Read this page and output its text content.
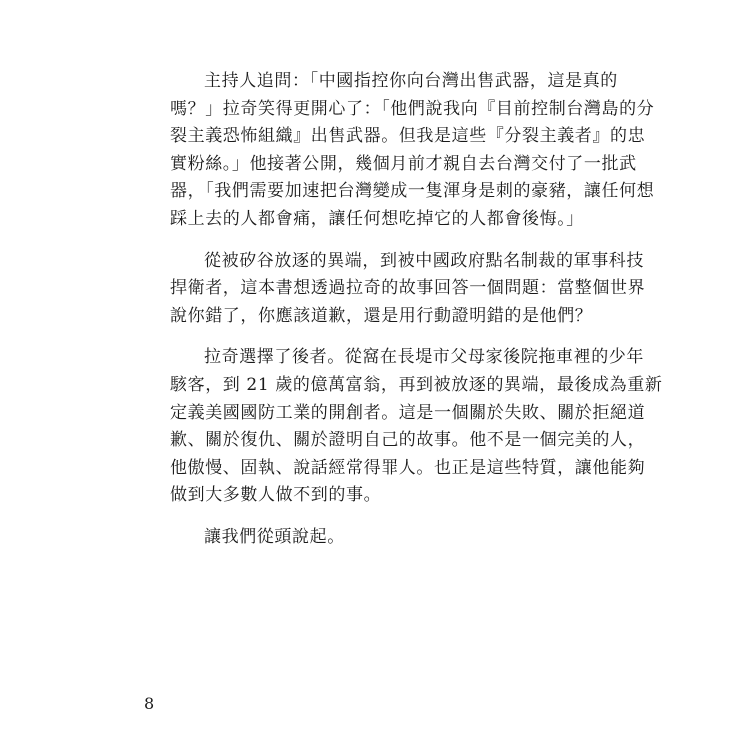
主持人追問：「中國指控你向台灣出售武器，這是真的
嗎？」拉奇笑得更開心了：「他們說我向『目前控制台灣島的分
裂主義恐怖組織』出售武器。但我是這些『分裂主義者』的忠
實粉絲。」他接著公開，幾個月前才親自去台灣交付了一批武
器，「我們需要加速把台灣變成一隻渾身是刺的豪豬，讓任何想
踩上去的人都會痛，讓任何想吃掉它的人都會後悔。」

從被矽谷放逐的異端，到被中國政府點名制裁的軍事科技
捍衛者，這本書想透過拉奇的故事回答一個問題：當整個世界
說你錯了，你應該道歉，還是用行動證明錯的是他們？

拉奇選擇了後者。從窩在長堤市父母家後院拖車裡的少年
駭客，到 21 歲的億萬富翁，再到被放逐的異端，最後成為重新
定義美國國防工業的開創者。這是一個關於失敗、關於拒絕道
歉、關於復仇、關於證明自己的故事。他不是一個完美的人，
他傲慢、固執、說話經常得罪人。也正是這些特質，讓他能夠
做到大多數人做不到的事。

讓我們從頭說起。

8
